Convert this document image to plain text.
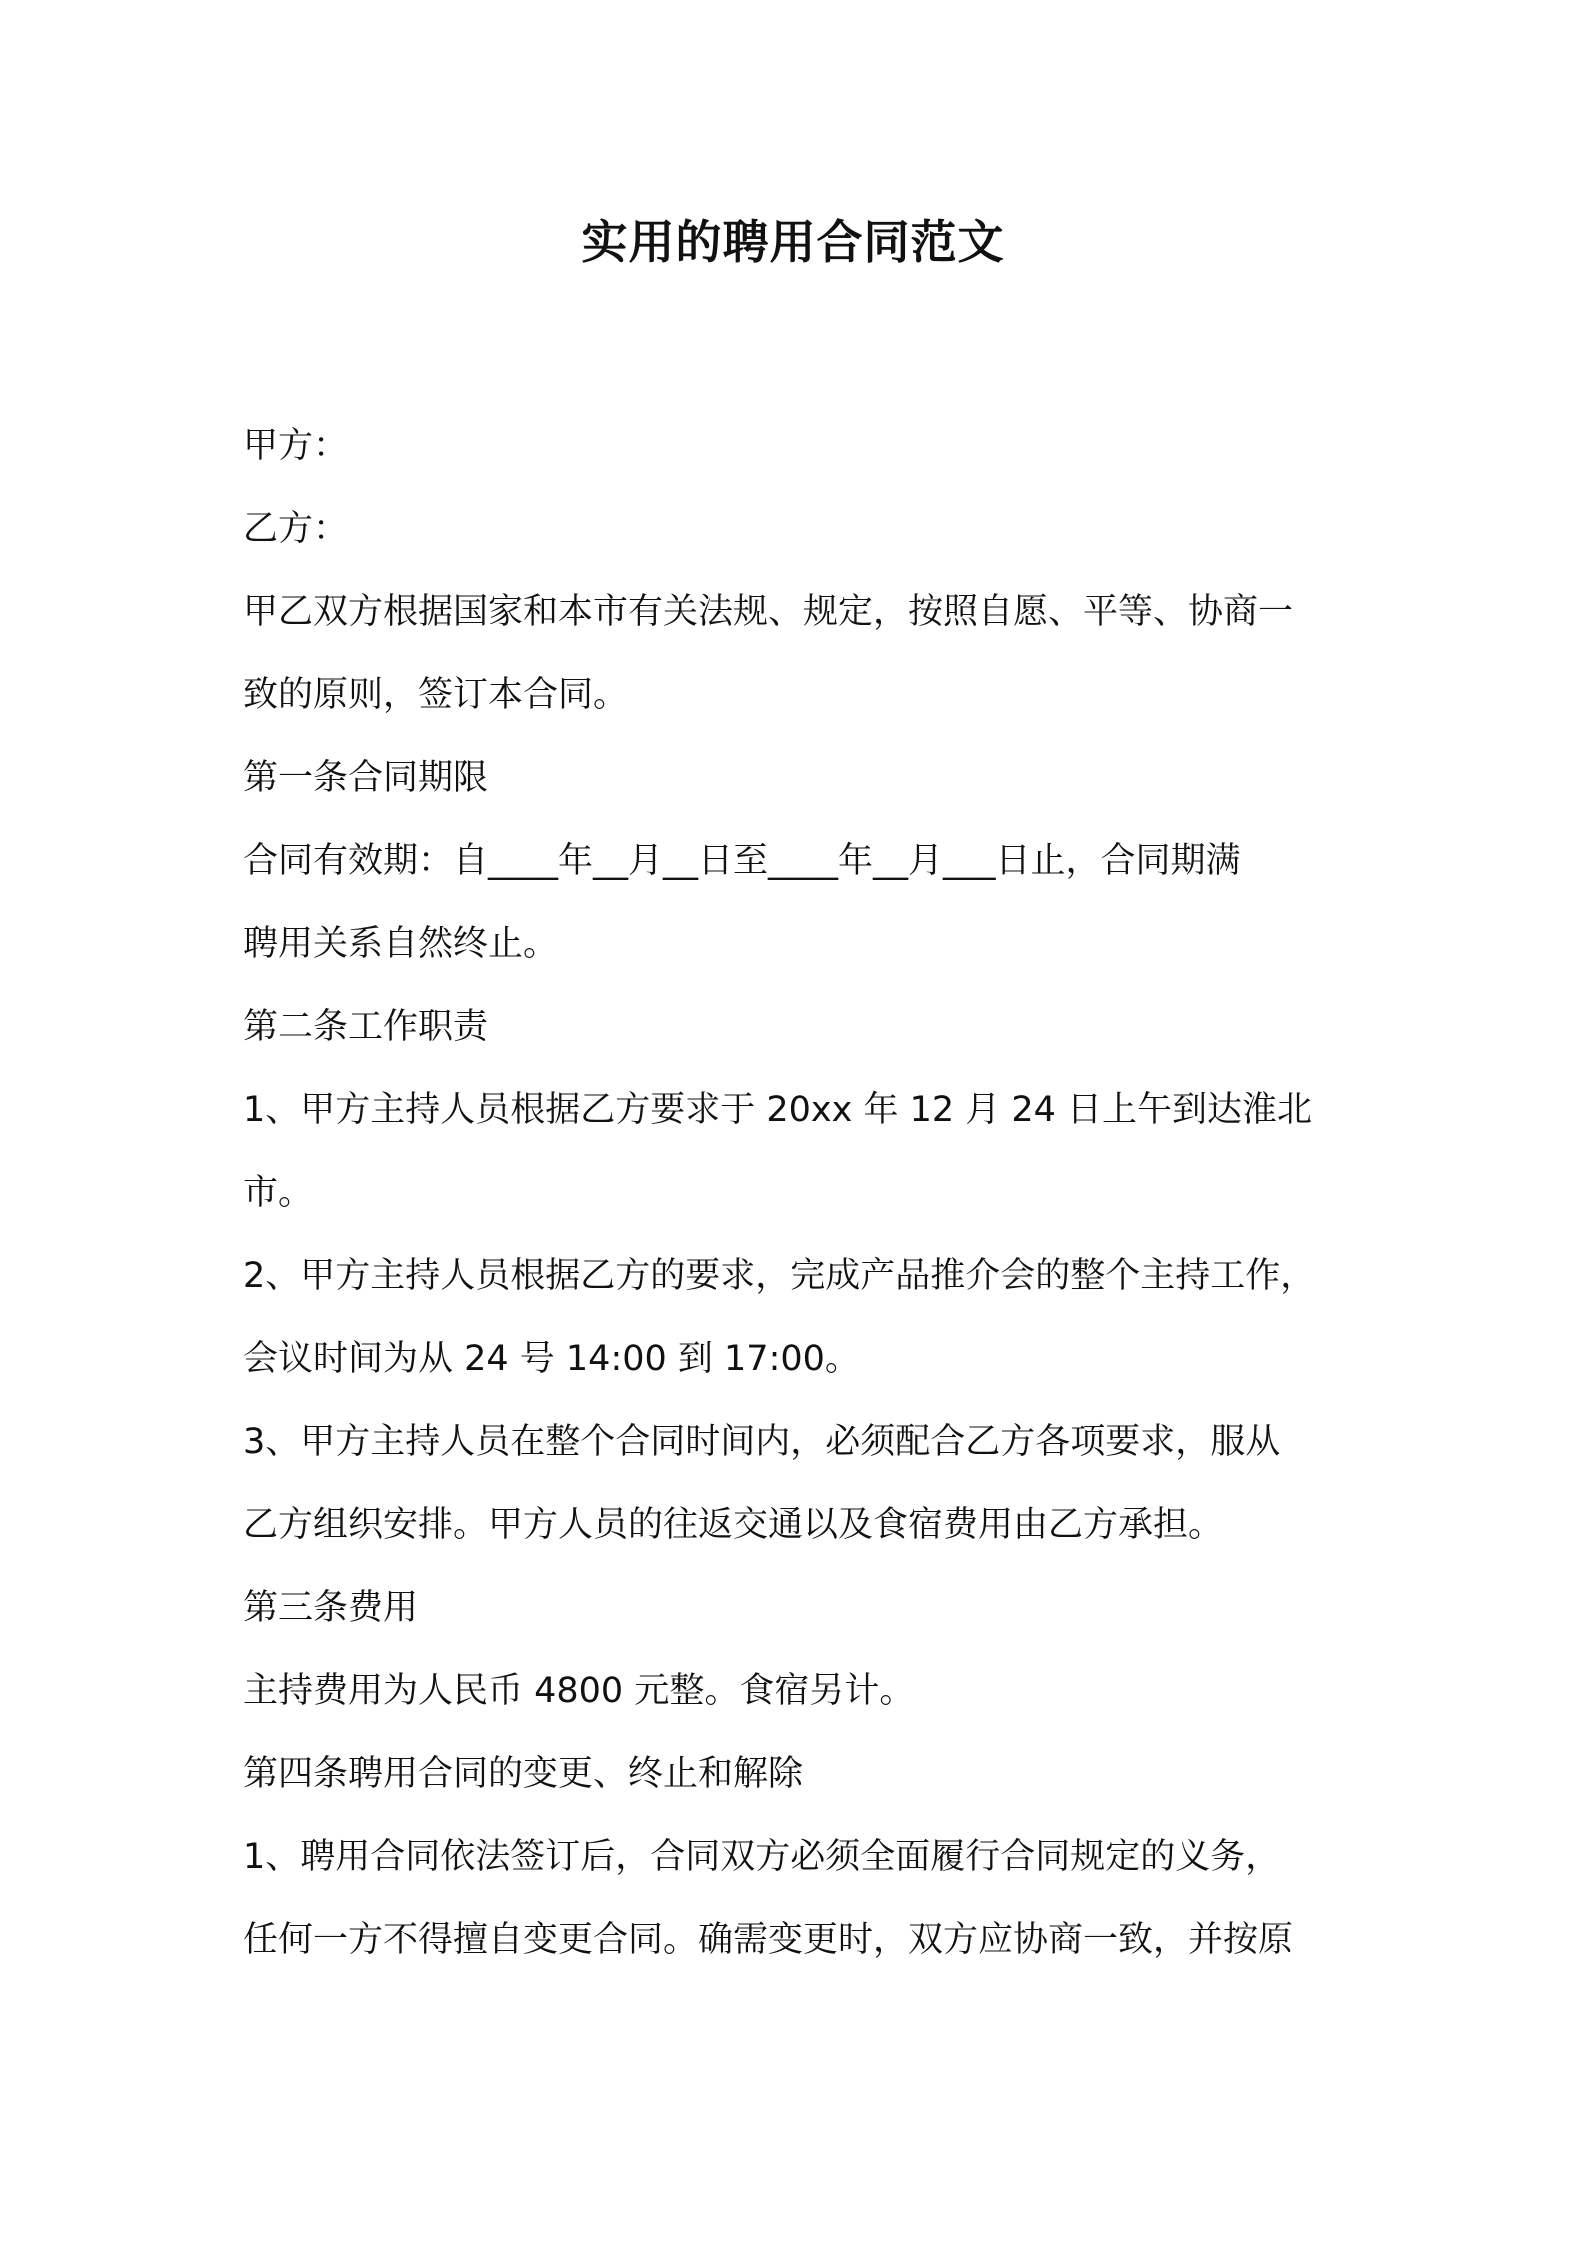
实用的聘用合同范文
甲方：
乙方：
甲乙双方根据国家和本市有关法规、规定，按照自愿、平等、协商一
致的原则，签订本合同。
第一条合同期限
合同有效期：自____年__月__日至____年__月___日止，合同期满
聘用关系自然终止。
第二条工作职责
1、甲方主持人员根据乙方要求于 20xx 年 12 月 24 日上午到达淮北
市。
2、甲方主持人员根据乙方的要求，完成产品推介会的整个主持工作，
会议时间为从 24 号 14:00 到 17:00。
3、甲方主持人员在整个合同时间内，必须配合乙方各项要求，服从
乙方组织安排。甲方人员的往返交通以及食宿费用由乙方承担。
第三条费用
主持费用为人民币 4800 元整。食宿另计。
第四条聘用合同的变更、终止和解除
1、聘用合同依法签订后，合同双方必须全面履行合同规定的义务，
任何一方不得擅自变更合同。确需变更时，双方应协商一致，并按原
